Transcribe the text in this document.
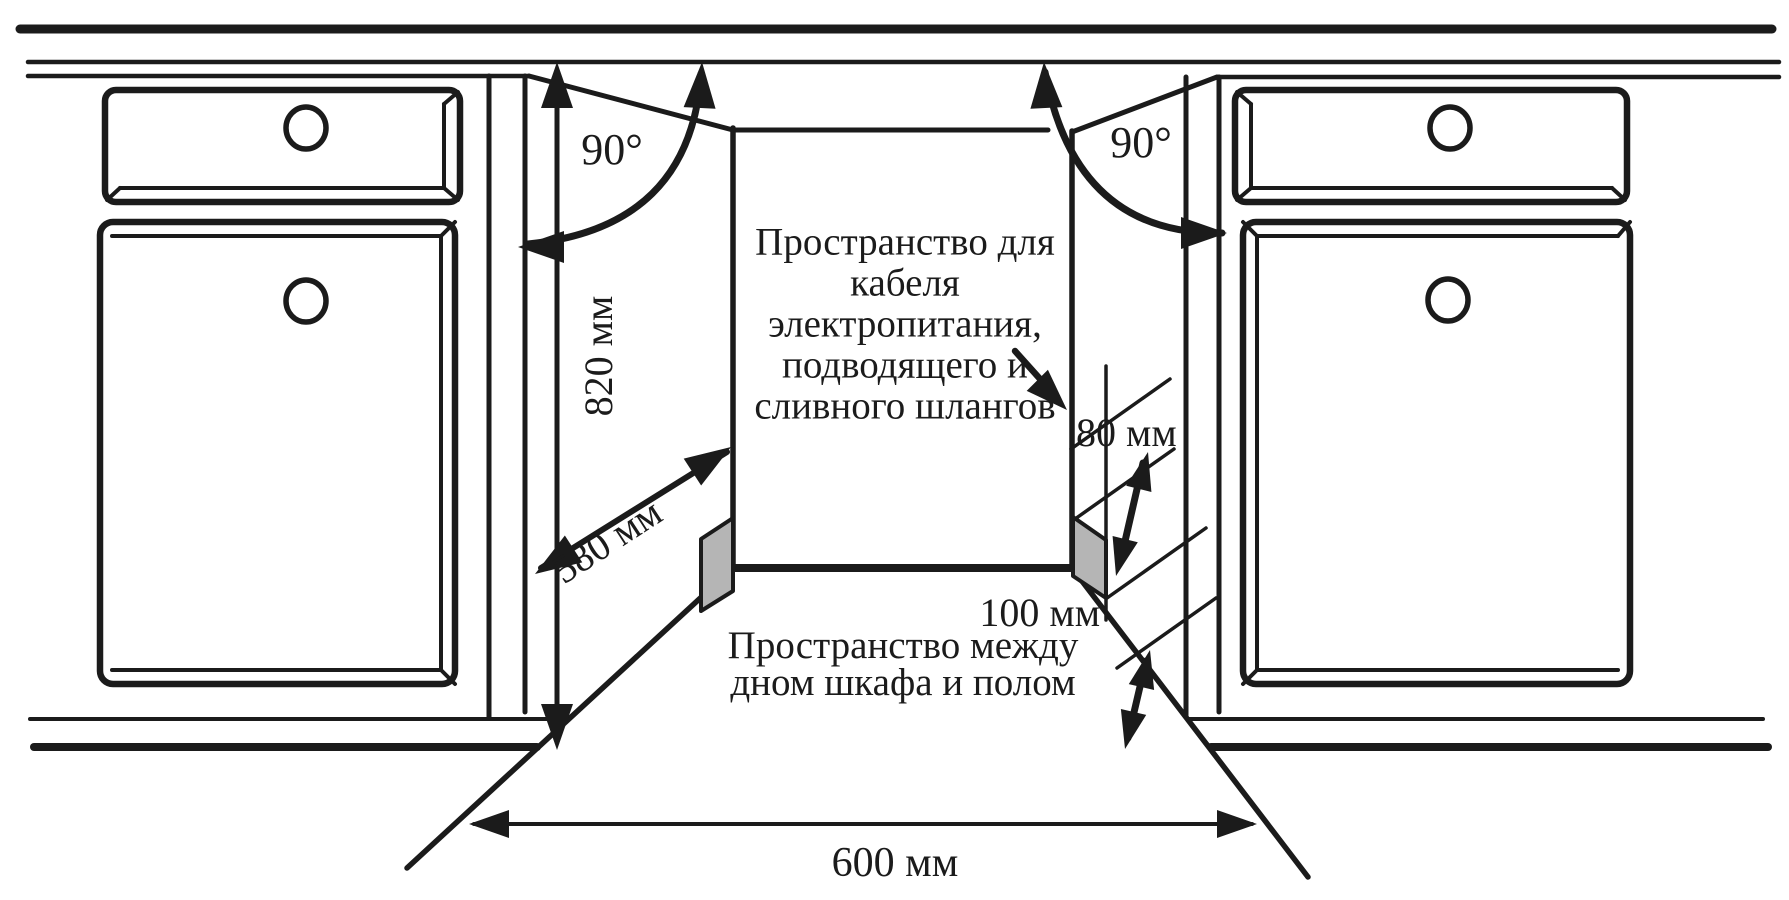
90°	90°
820 мм
580 мм
600 мм
80 мм
100 мм
Пространство для
кабеля
электропитания,
подводящего и
сливного шлангов
Пространство между
дном шкафа и полом
